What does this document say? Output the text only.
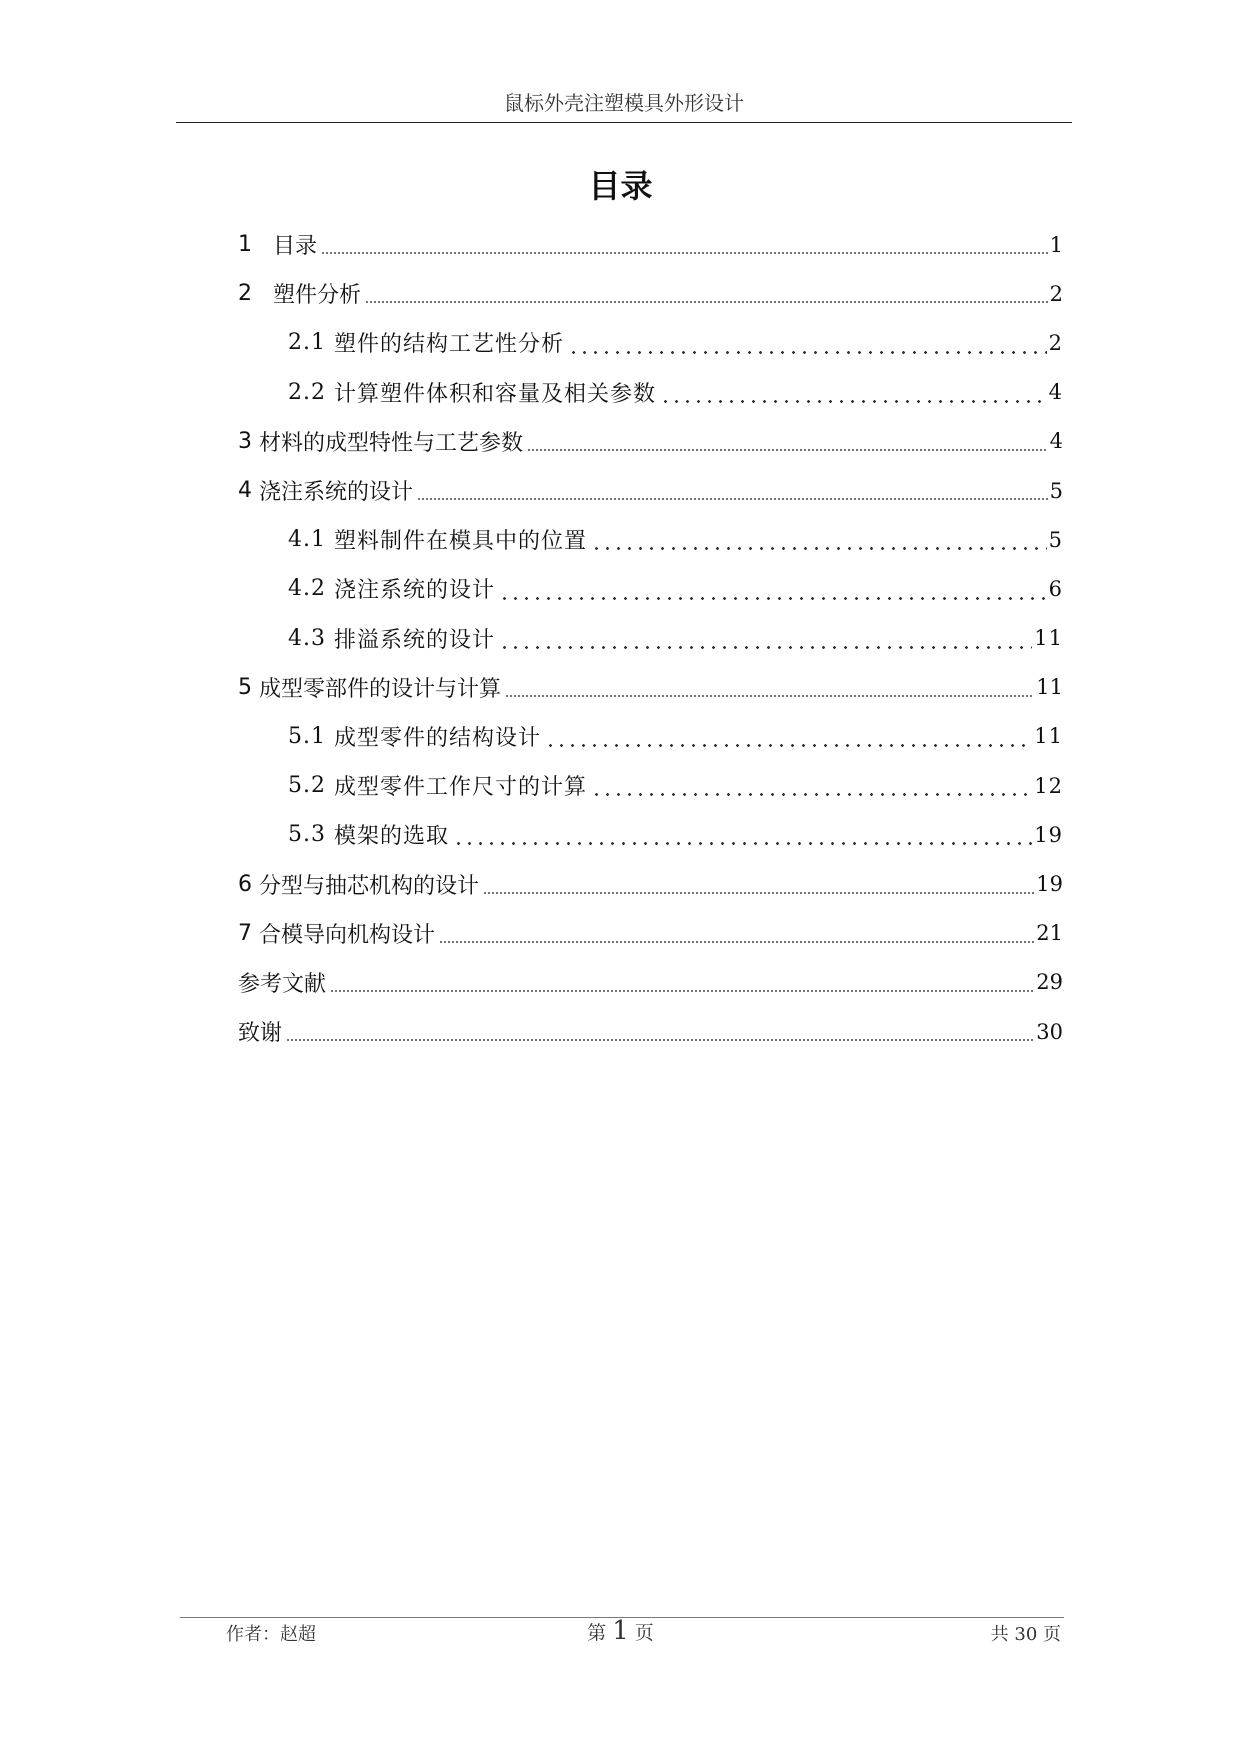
鼠标外壳注塑模具外形设计
目录
1 目录	1
2 塑件分析	2
2.1 塑件的结构工艺性分析	2
2.2 计算塑件体积和容量及相关参数	4
3 材料的成型特性与工艺参数	4
4 浇注系统的设计	5
4.1 塑料制件在模具中的位置	5
4.2 浇注系统的设计	6
4.3 排溢系统的设计	11
5 成型零部件的设计与计算	11
5.1 成型零件的结构设计	11
5.2 成型零件工作尺寸的计算	12
5.3 模架的选取	19
6 分型与抽芯机构的设计	19
7 合模导向机构设计	21
参考文献	29
致谢	30
作者：赵超	第 1 页	共 30 页
